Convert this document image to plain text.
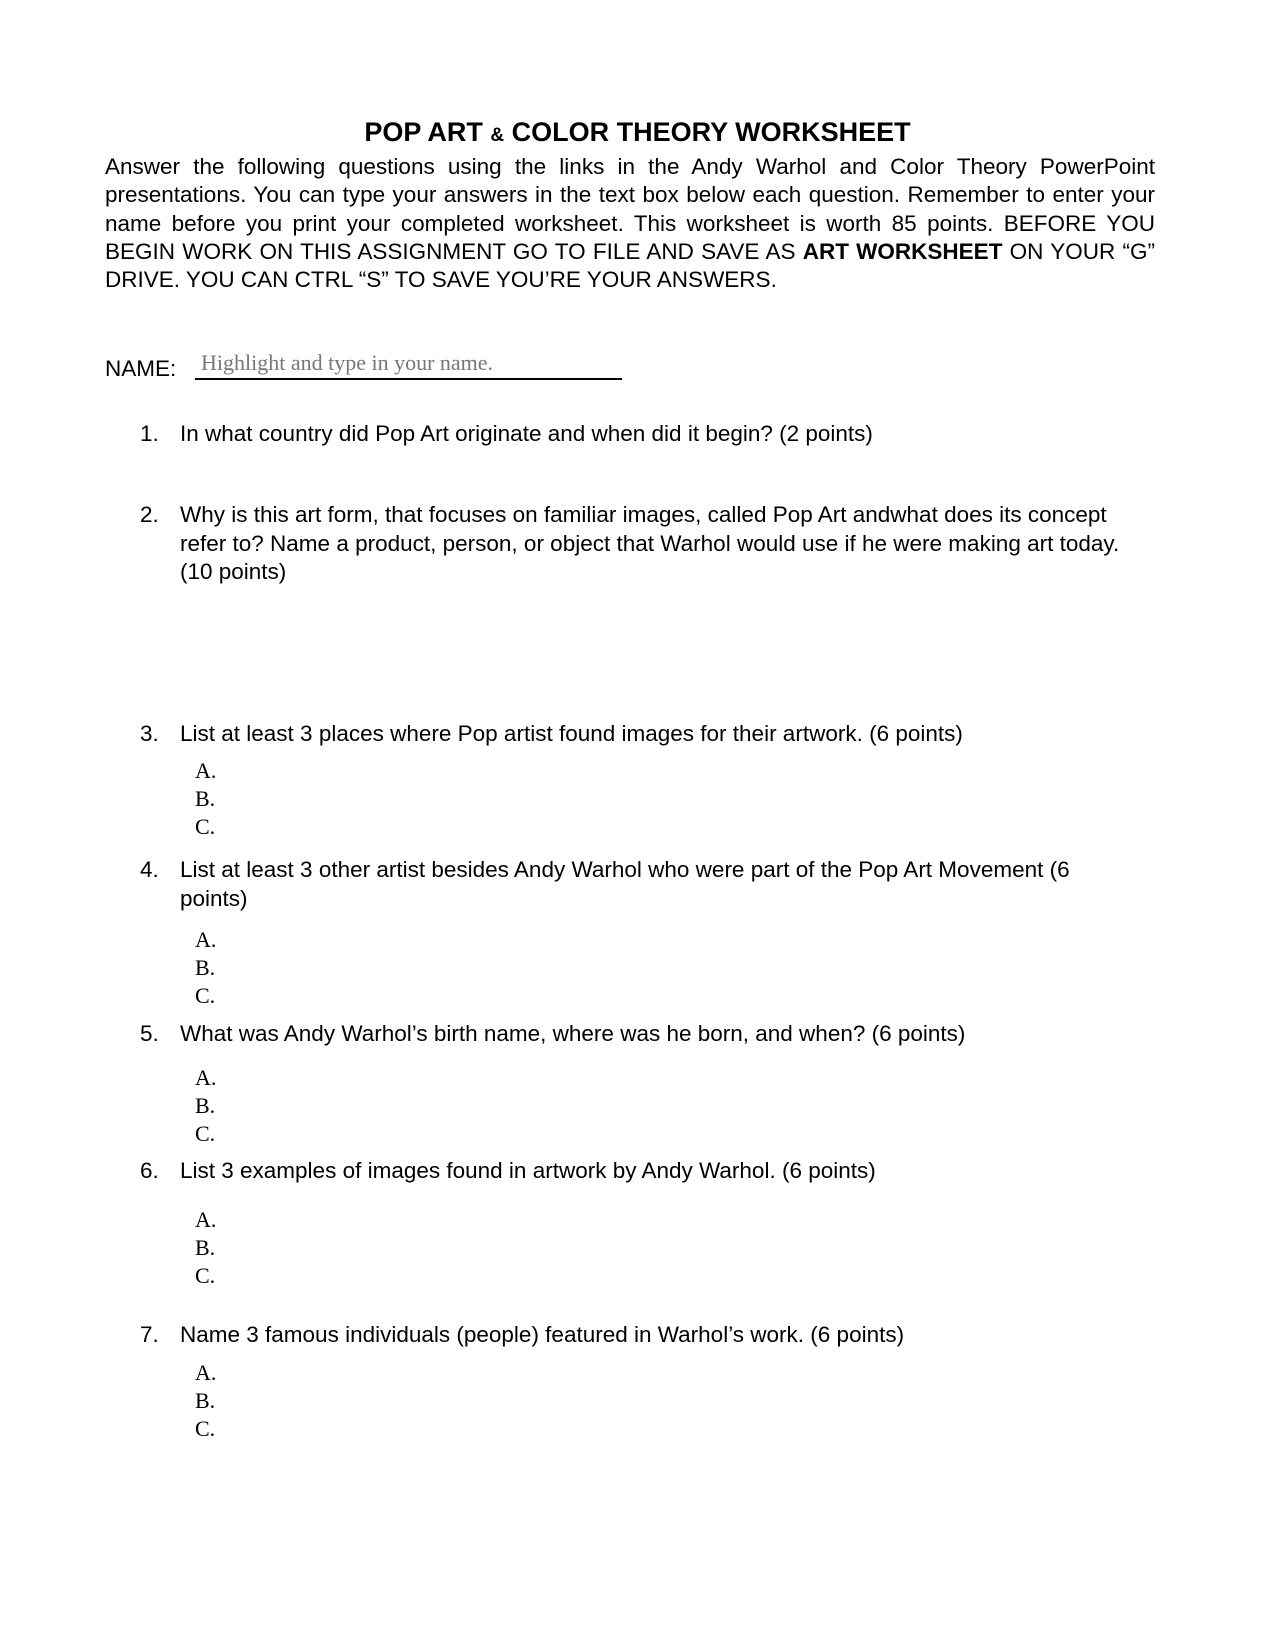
POP ART & COLOR THEORY WORKSHEET

Answer the following questions using the links in the Andy Warhol and Color Theory PowerPoint presentations. You can type your answers in the text box below each question. Remember to enter your name before you print your completed worksheet. This worksheet is worth 85 points. BEFORE YOU BEGIN WORK ON THIS ASSIGNMENT GO TO FILE AND SAVE AS ART WORKSHEET ON YOUR “G” DRIVE. YOU CAN CTRL “S” TO SAVE YOU’RE YOUR ANSWERS.

NAME: Highlight and type in your name.
1. In what country did Pop Art originate and when did it begin? (2 points)
2. Why is this art form, that focuses on familiar images, called Pop Art andwhat does its concept refer to? Name a product, person, or object that Warhol would use if he were making art today.(10 points)
3. List at least 3 places where Pop artist found images for their artwork. (6 points)
A.
B.
C.
4. List at least 3 other artist besides Andy Warhol who were part of the Pop Art Movement (6 points)
A.
B.
C.
5. What was Andy Warhol’s birth name, where was he born, and when? (6 points)
A.
B.
C.
6. List 3 examples of images found in artwork by Andy Warhol. (6 points)
A.
B.
C.
7. Name 3 famous individuals (people) featured in Warhol’s work. (6 points)
A.
B.
C.
